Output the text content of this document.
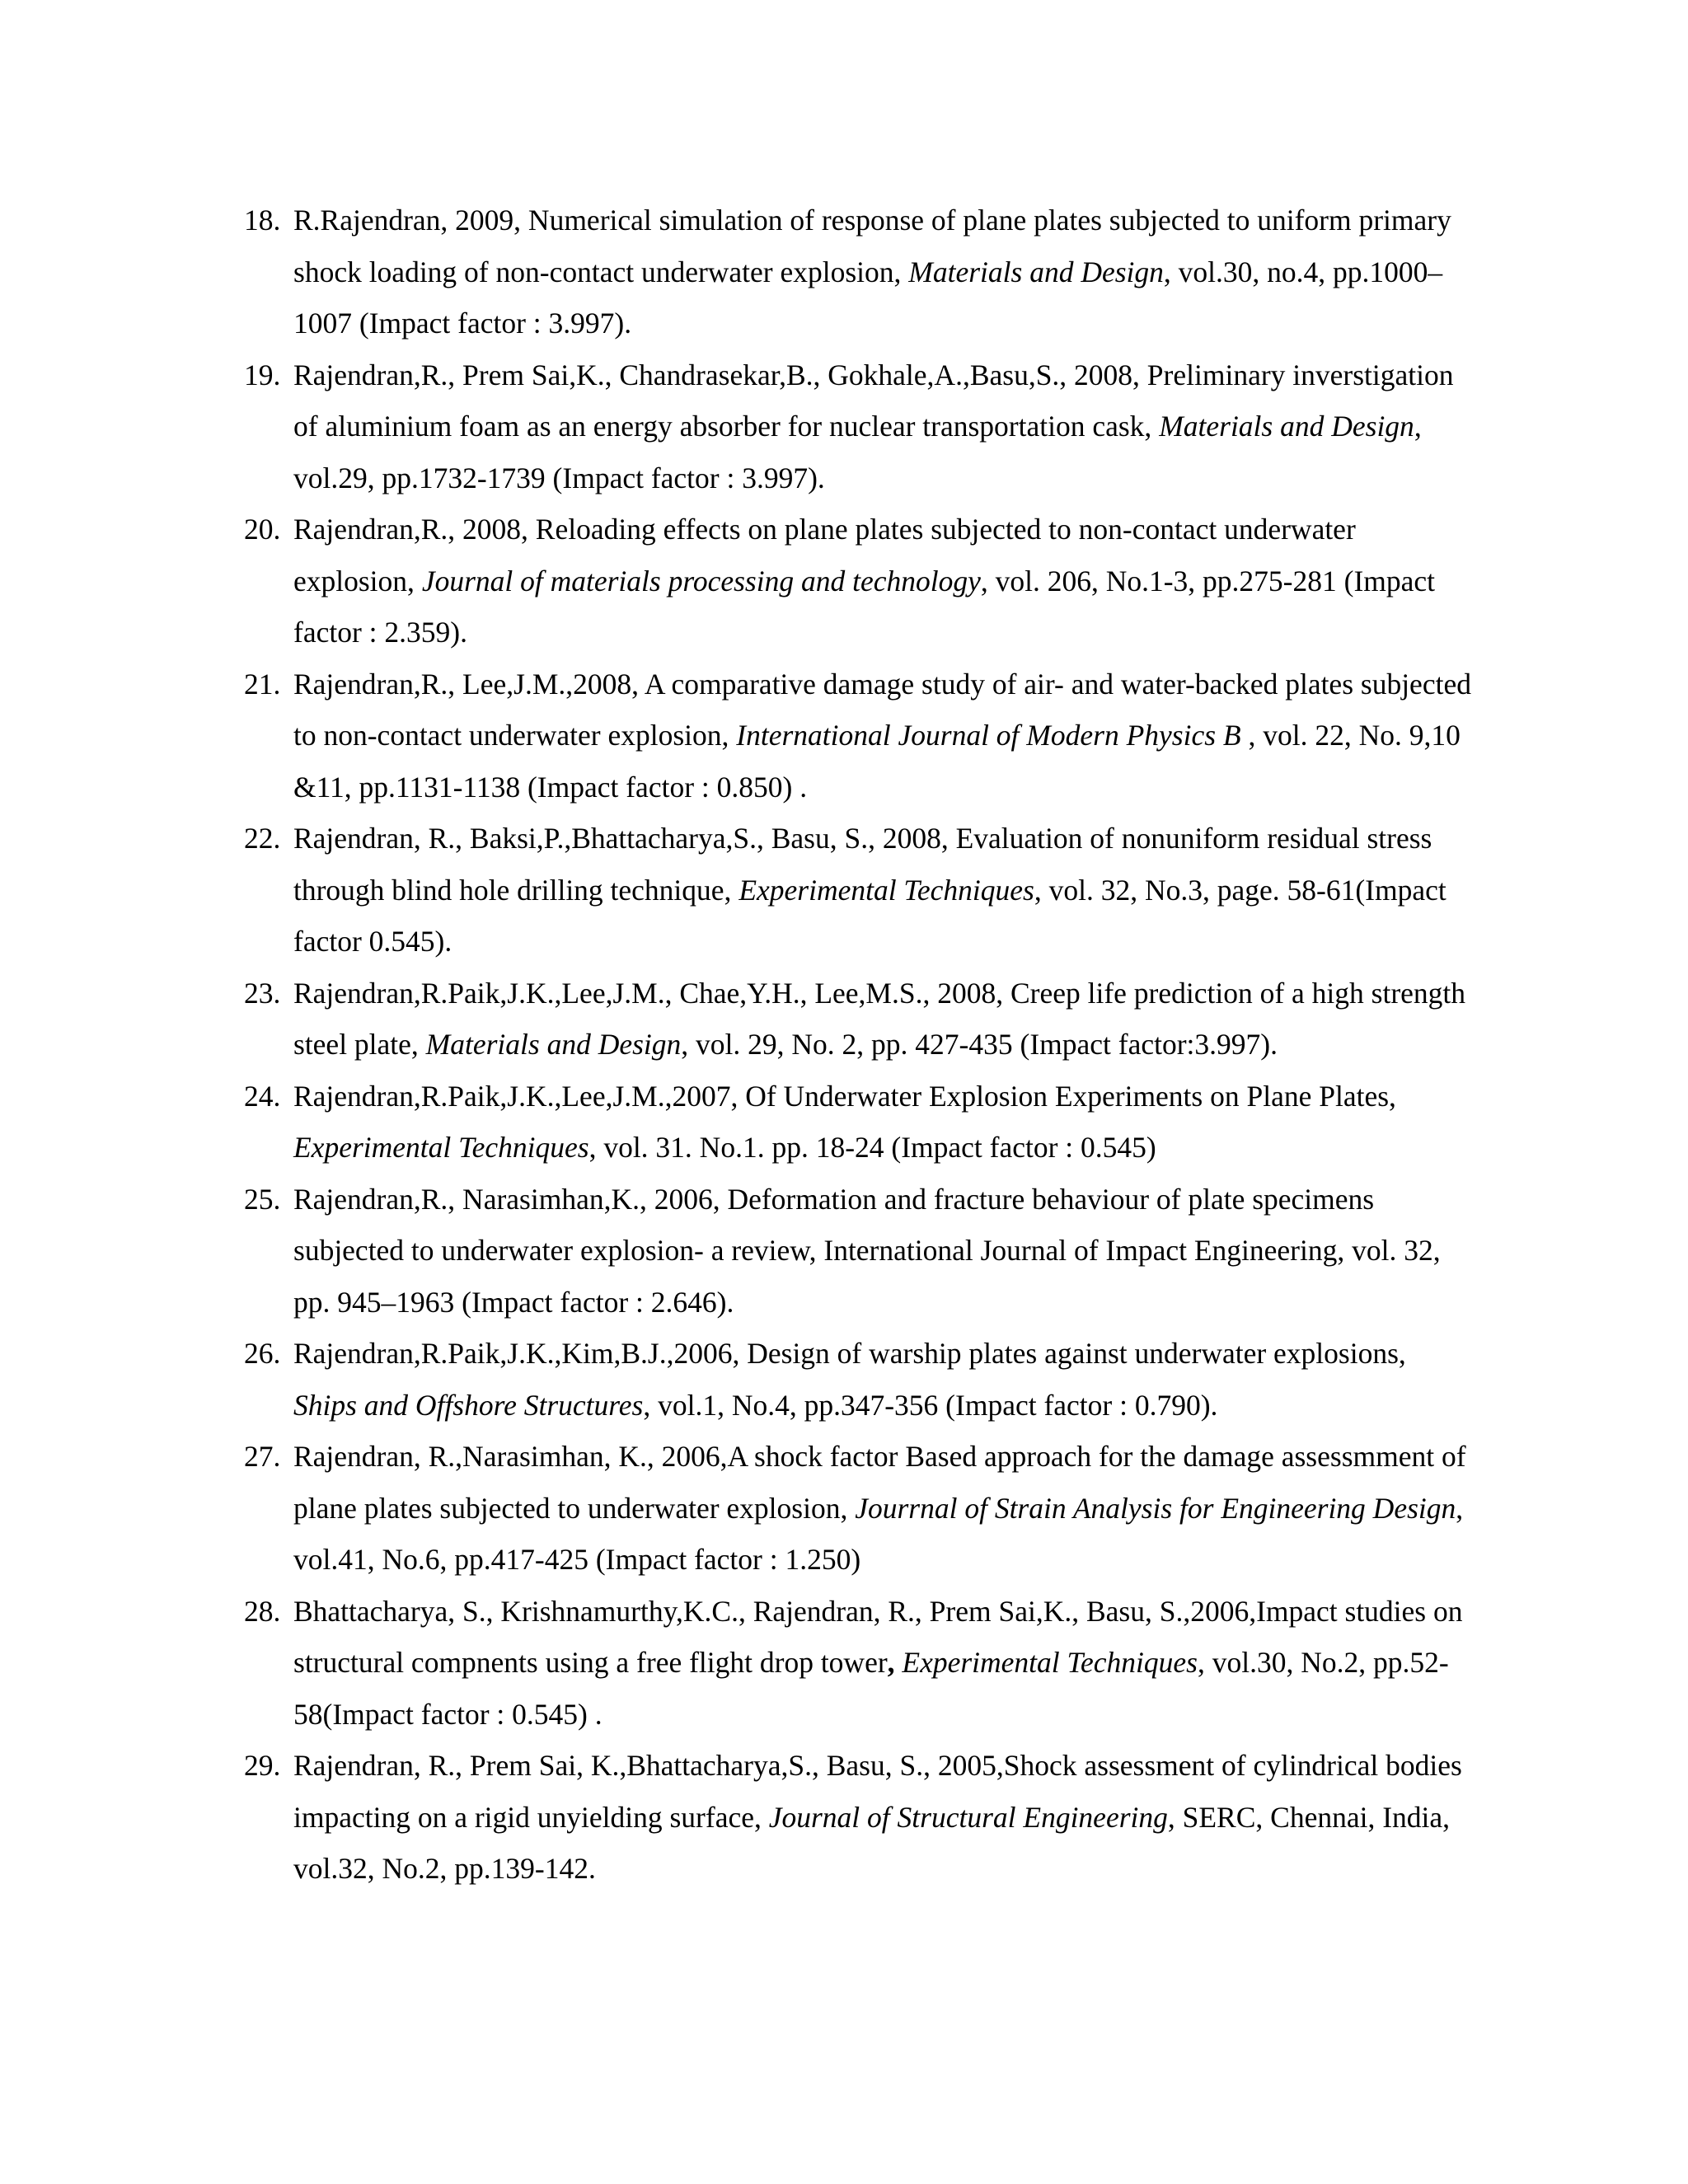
18. R.Rajendran, 2009, Numerical simulation of response of plane plates subjected to uniform primary shock loading of non-contact underwater explosion, Materials and Design, vol.30, no.4, pp.1000–1007 (Impact factor : 3.997).
19. Rajendran,R., Prem Sai,K., Chandrasekar,B., Gokhale,A.,Basu,S., 2008, Preliminary inverstigation of aluminium foam as an energy absorber for nuclear transportation cask, Materials and Design, vol.29, pp.1732-1739 (Impact factor : 3.997).
20. Rajendran,R., 2008, Reloading effects on plane plates subjected to non-contact underwater explosion, Journal of materials processing and technology, vol. 206, No.1-3, pp.275-281 (Impact factor : 2.359).
21. Rajendran,R., Lee,J.M.,2008, A comparative damage study of air- and water-backed plates subjected to non-contact underwater explosion, International Journal of Modern Physics B , vol. 22, No. 9,10 &11, pp.1131-1138 (Impact factor : 0.850) .
22. Rajendran, R., Baksi,P.,Bhattacharya,S., Basu, S., 2008, Evaluation of nonuniform residual stress through blind hole drilling technique, Experimental Techniques, vol. 32, No.3, page. 58-61(Impact factor 0.545).
23. Rajendran,R.Paik,J.K.,Lee,J.M., Chae,Y.H., Lee,M.S., 2008, Creep life prediction of a high strength steel plate, Materials and Design, vol. 29, No. 2, pp. 427-435 (Impact factor:3.997).
24. Rajendran,R.Paik,J.K.,Lee,J.M.,2007, Of Underwater Explosion Experiments on Plane Plates, Experimental Techniques, vol. 31. No.1. pp. 18-24 (Impact factor : 0.545)
25. Rajendran,R., Narasimhan,K., 2006, Deformation and fracture behaviour of plate specimens subjected to underwater explosion- a review, International Journal of Impact Engineering, vol. 32, pp. 945–1963 (Impact factor : 2.646).
26. Rajendran,R.Paik,J.K.,Kim,B.J.,2006, Design of warship plates against underwater explosions, Ships and Offshore Structures, vol.1, No.4, pp.347-356 (Impact factor : 0.790).
27. Rajendran, R.,Narasimhan, K., 2006,A shock factor Based approach for the damage assessmment of plane plates subjected to underwater explosion, Jourrnal of Strain Analysis for Engineering Design, vol.41, No.6, pp.417-425 (Impact factor : 1.250)
28. Bhattacharya, S., Krishnamurthy,K.C., Rajendran, R., Prem Sai,K., Basu, S.,2006,Impact studies on structural compnents using a free flight drop tower, Experimental Techniques, vol.30, No.2, pp.52-58(Impact factor : 0.545) .
29. Rajendran, R., Prem Sai, K.,Bhattacharya,S., Basu, S., 2005,Shock assessment of cylindrical bodies impacting on a rigid unyielding surface, Journal of Structural Engineering, SERC, Chennai, India, vol.32, No.2, pp.139-142.
